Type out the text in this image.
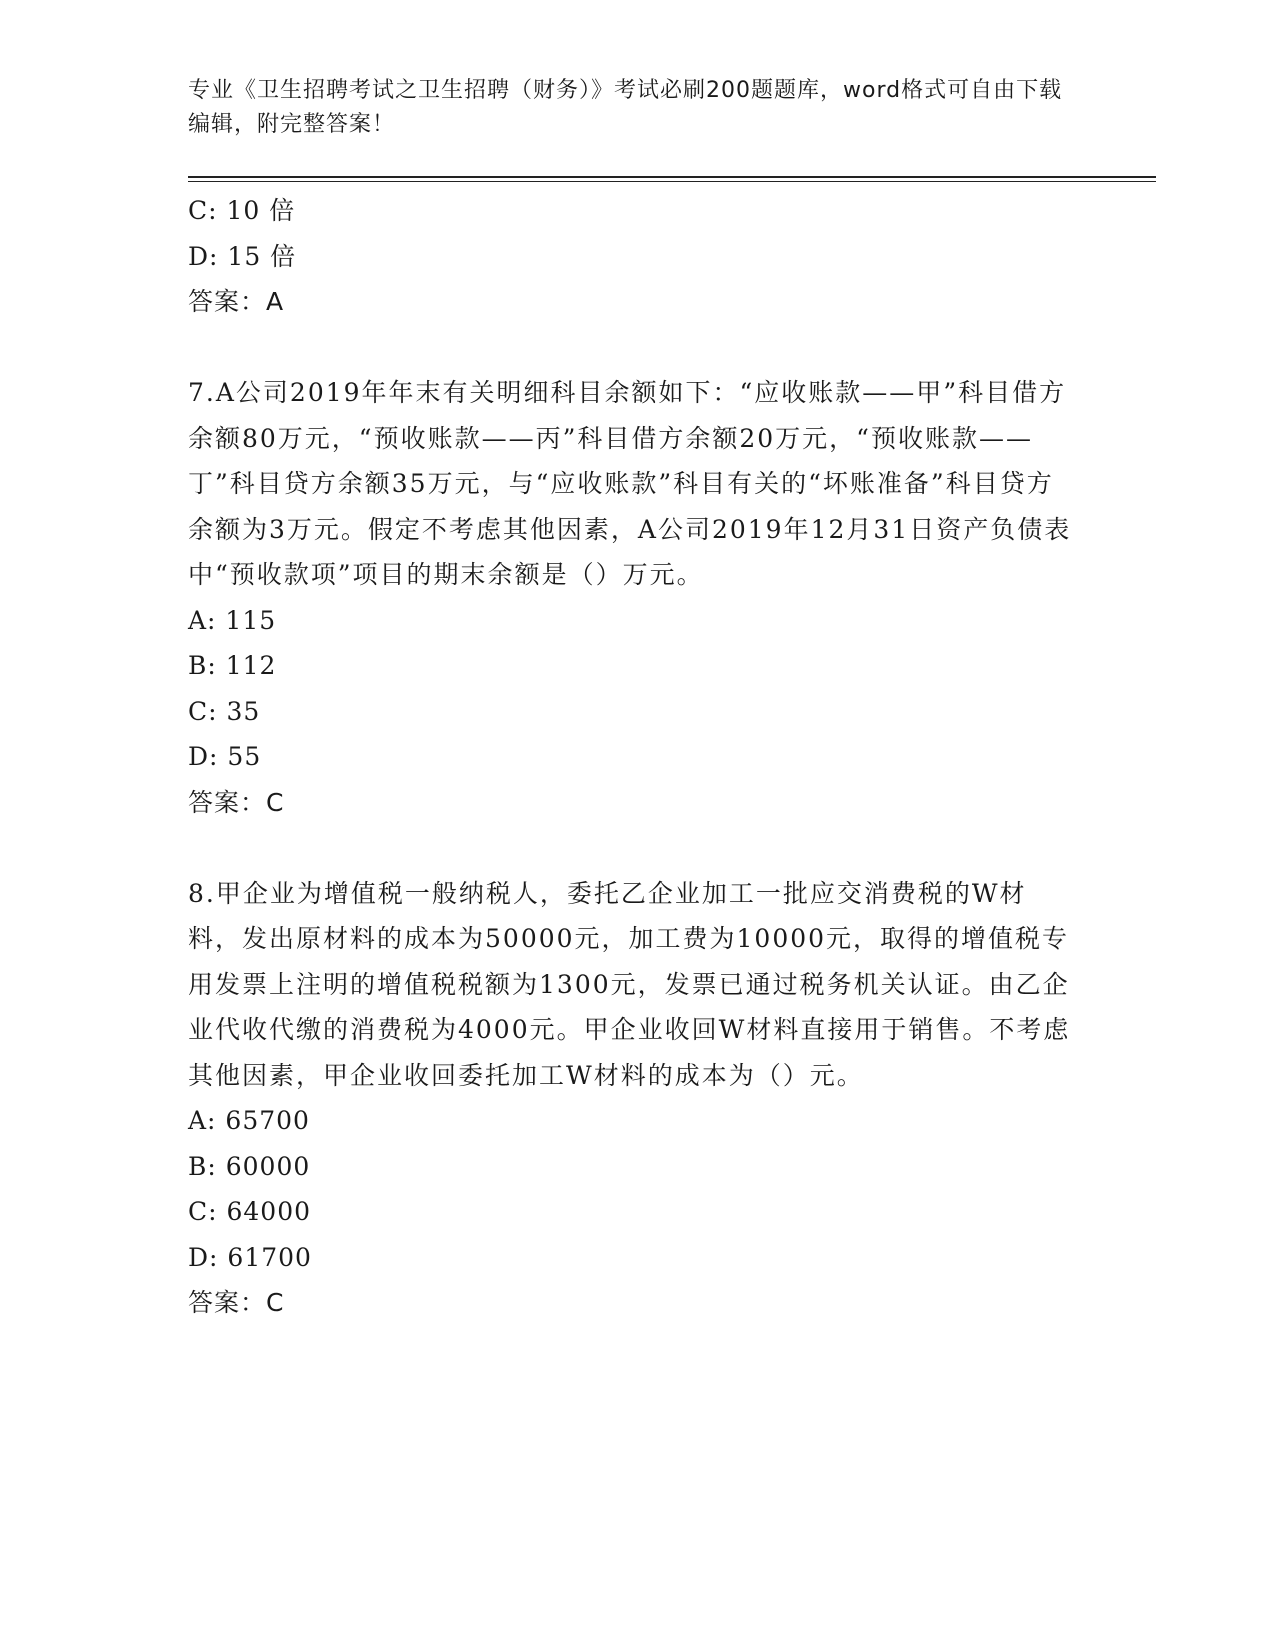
专业《卫生招聘考试之卫生招聘（财务）》考试必刷200题题库，word格式可自由下载编辑，附完整答案！
C: 10 倍
D: 15 倍
答案：A
7.A公司2019年年末有关明细科目余额如下：“应收账款——甲”科目借方余额80万元，“预收账款——丙”科目借方余额20万元，“预收账款——丁”科目贷方余额35万元，与“应收账款”科目有关的“坏账准备”科目贷方余额为3万元。假定不考虑其他因素，A公司2019年12月31日资产负债表中“预收款项”项目的期末余额是（）万元。
A: 115
B: 112
C: 35
D: 55
答案：C
8.甲企业为增值税一般纳税人，委托乙企业加工一批应交消费税的W材料，发出原材料的成本为50000元，加工费为10000元，取得的增值税专用发票上注明的增值税税额为1300元，发票已通过税务机关认证。由乙企业代收代缴的消费税为4000元。甲企业收回W材料直接用于销售。不考虑其他因素，甲企业收回委托加工W材料的成本为（）元。
A: 65700
B: 60000
C: 64000
D: 61700
答案：C
